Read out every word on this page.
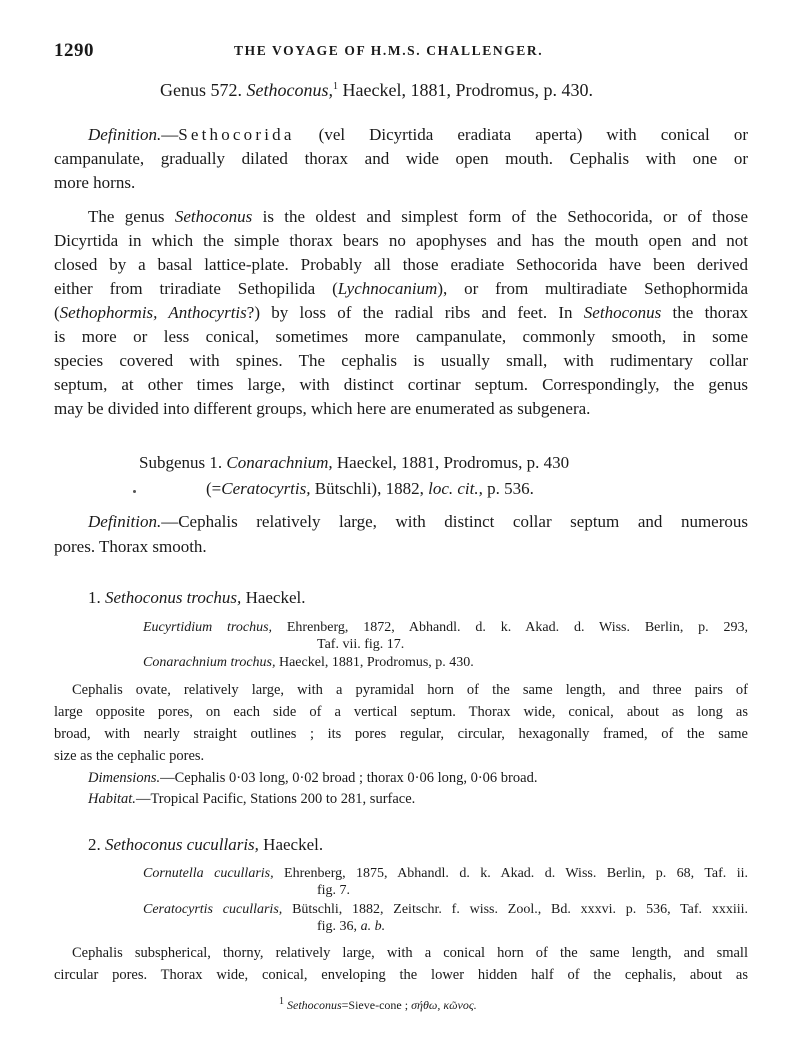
1290	THE VOYAGE OF H.M.S. CHALLENGER.
Genus 572. Sethoconus,$^1$ Haeckel, 1881, Prodromus, p. 430.
Definition.—Sethocorida (vel Dicyrtida eradiata aperta) with conical or
campanulate, gradually dilated thorax and wide open mouth. Cephalis with one or
more horns.
The genus Sethoconus is the oldest and simplest form of the Sethocorida, or of those
Dicyrtida in which the simple thorax bears no apophyses and has the mouth open and not
closed by a basal lattice-plate. Probably all those eradiate Sethocorida have been derived
either from triradiate Sethopilida (Lychnocanium), or from multiradiate Sethophormida
(Sethophormis, Anthocyrtis?) by loss of the radial ribs and feet. In Sethoconus the thorax
is more or less conical, sometimes more campanulate, commonly smooth, in some
species covered with spines. The cephalis is usually small, with rudimentary collar
septum, at other times large, with distinct cortinar septum. Correspondingly, the genus
may be divided into different groups, which here are enumerated as subgenera.
Subgenus 1. Conarachnium, Haeckel, 1881, Prodromus, p. 430
(=Ceratocyrtis, Bütschli), 1882, loc. cit., p. 536.
Definition.—Cephalis relatively large, with distinct collar septum and numerous
pores. Thorax smooth.
1. Sethoconus trochus, Haeckel.
Eucyrtidium trochus, Ehrenberg, 1872, Abhandl. d. k. Akad. d. Wiss. Berlin, p. 293,
Taf. vii. fig. 17.
Conarachnium trochus, Haeckel, 1881, Prodromus, p. 430.
Cephalis ovate, relatively large, with a pyramidal horn of the same length, and three pairs of
large opposite pores, on each side of a vertical septum. Thorax wide, conical, about as long as
broad, with nearly straight outlines ; its pores regular, circular, hexagonally framed, of the same
size as the cephalic pores.
Dimensions.—Cephalis 0·03 long, 0·02 broad ; thorax 0·06 long, 0·06 broad.
Habitat.—Tropical Pacific, Stations 200 to 281, surface.
2. Sethoconus cucullaris, Haeckel.
Cornutella cucullaris, Ehrenberg, 1875, Abhandl. d. k. Akad. d. Wiss. Berlin, p. 68, Taf. ii.
fig. 7.
Ceratocyrtis cucullaris, Bütschli, 1882, Zeitschr. f. wiss. Zool., Bd. xxxvi. p. 536, Taf. xxxiii.
fig. 36, a. b.
Cephalis subspherical, thorny, relatively large, with a conical horn of the same length, and small
circular pores. Thorax wide, conical, enveloping the lower hidden half of the cephalis, about as
$^1$ Sethoconus=Sieve-cone ; σήθω, κῶνος.
